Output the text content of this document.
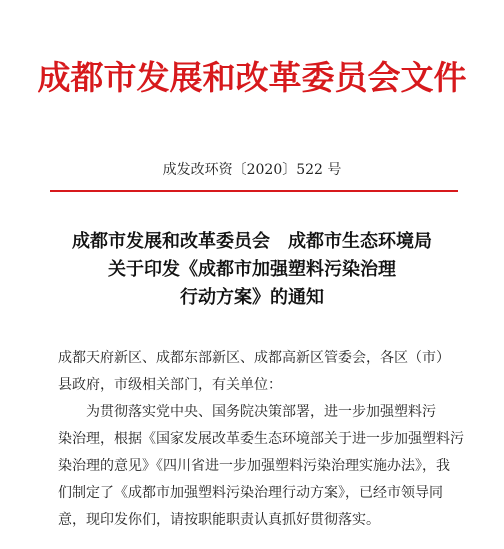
成都市发展和改革委员会文件
成发改环资〔2020〕522 号
成都市发展和改革委员会　成都市生态环境局
关于印发《成都市加强塑料污染治理
行动方案》的通知
成都天府新区、成都东部新区、成都高新区管委会，各区（市）
县政府，市级相关部门，有关单位：
为贯彻落实党中央、国务院决策部署，进一步加强塑料污
染治理，根据《国家发展改革委生态环境部关于进一步加强塑料污
染治理的意见》《四川省进一步加强塑料污染治理实施办法》，我
们制定了《成都市加强塑料污染治理行动方案》，已经市领导同
意，现印发你们，请按职能职责认真抓好贯彻落实。
